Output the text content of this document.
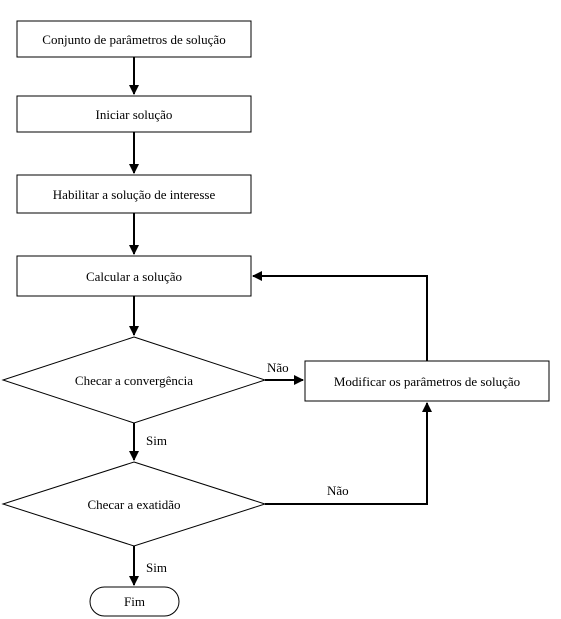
Conjunto de parâmetros de solução
Iniciar solução
Habilitar a solução de interesse
Calcular a solução
Checar a convergência	Modificar os parâmetros de solução
Checar a exatidão
Fim
Não
Sim
Não
Sim
